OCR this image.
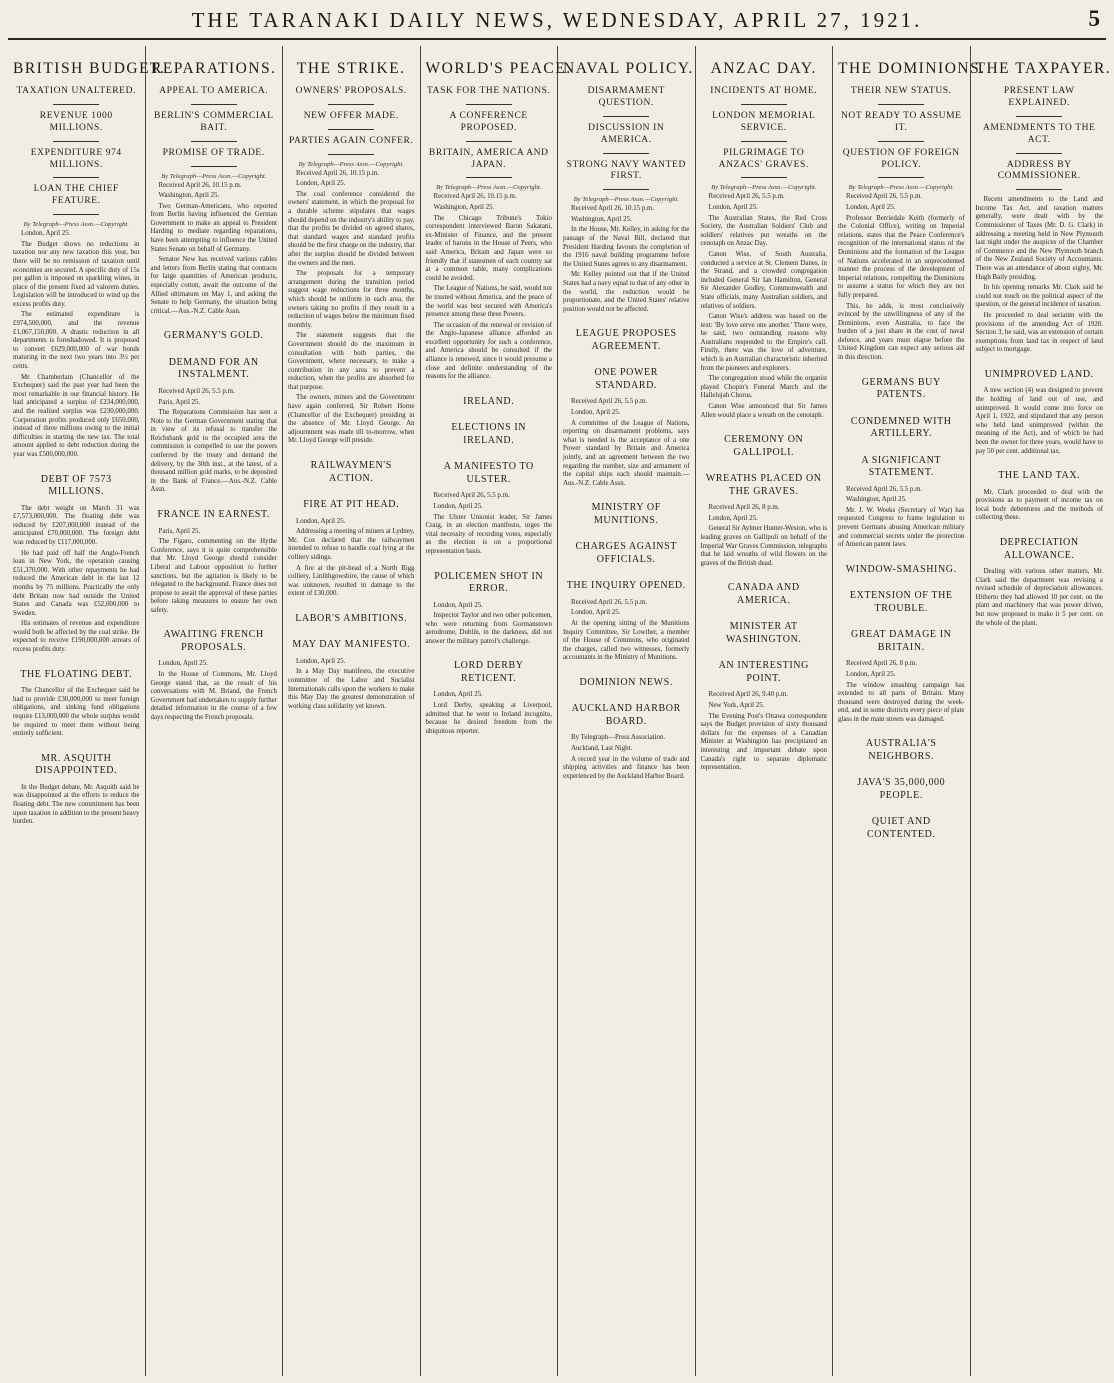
THE TARANAKI DAILY NEWS, WEDNESDAY, APRIL 27, 1921.	5
BRITISH BUDGET.
TAXATION UNALTERED.
REVENUE 1000 MILLIONS.
EXPENDITURE 974 MILLIONS.
LOAN THE CHIEF FEATURE.
By Telegraph—Press Assn.—Copyright.

London, April 25.

The Budget shows no reductions in taxation nor any new taxation this year, but there will be no remission of taxation until economies are secured. A specific duty of 15s per gallon is imposed on sparkling wines, in place of the present fixed ad valorem duties. Legislation will be introduced to wind up the excess profits duty.

The estimated expenditure is £974,500,000, and the revenue £1,067,150,000. A drastic reduction in all departments is foreshadowed. It is proposed to convert £629,000,000 of war bonds maturing in the next two years into 3½ per cents.

Mr. Chamberlain (Chancellor of the Exchequer) said the past year had been the most remarkable in our financial history. He had anticipated a surplus of £234,000,000, and the realised surplus was £230,000,000. Corporation profits produced only £650,000, instead of three millions owing to the initial difficulties in starting the new tax. The total amount applied to debt reduction during the year was £500,000,000.

DEBT OF 7573 MILLIONS.

The debt weight on March 31 was £7,573,000,000. The floating debt was reduced by £207,000,000 instead of the anticipated £70,000,000. The foreign debt was reduced by £117,000,000.

He had paid off half the Anglo-French loan in New York, the operation causing £51,370,000. With other repayments he had reduced the American debt in the last 12 months by 75 millions. Practically the only debt Britain now had outside the United States and Canada was £52,000,000 to Sweden.

His estimates of revenue and expenditure would both be affected by the coal strike. He expected to receive £190,000,000 arrears of excess profits duty.

THE FLOATING DEBT.

The Chancellor of the Exchequer said he had to provide £30,000,000 to meet foreign obligations, and sinking fund obligations require £13,000,000 the whole surplus would be required to meet them without being entirely sufficient.

MR. ASQUITH DISAPPOINTED.

In the Budget debate, Mr. Asquith said he was disappointed at the efforts to reduce the floating debt. The new commitment has been upon taxation in addition to the present heavy burden.

REPARATIONS.
APPEAL TO AMERICA.
BERLIN'S COMMERCIAL BAIT.
PROMISE OF TRADE.
By Telegraph—Press Assn.—Copyright.

Received April 26, 10.15 p.m.

Washington, April 25.

Two German-Americans, who reported from Berlin having influenced the German Government to make an appeal to President Harding to mediate regarding reparations, have been attempting to influence the United States Senate on behalf of Germany.

Senator New has received various cables and letters from Berlin stating that contracts for large quantities of American products, especially cotton, await the outcome of the Allied ultimatum on May 1, and asking the Senate to help Germany, the situation being critical.—Aus.-N.Z. Cable Assn.

GERMANY'S GOLD.
DEMAND FOR AN INSTALMENT.

Received April 26, 5.5 p.m.

Paris, April 25.

The Reparations Commission has sent a Note to the German Government stating that in view of its refusal to transfer the Reichsbank gold to the occupied area the commission is compelled to use the powers conferred by the treaty and demand the delivery, by the 30th inst., at the latest, of a thousand million gold marks, to be deposited in the Bank of France.—Aus.-N.Z. Cable Assn.

FRANCE IN EARNEST.

Paris, April 25.

The Figaro, commenting on the Hythe Conference, says it is quite comprehensible that Mr. Lloyd George should consider Liberal and Labour opposition to further sanctions, but the agitation is likely to be relegated to the background. France does not propose to await the approval of these parties before taking measures to ensure her own safety.

AWAITING FRENCH PROPOSALS.

London, April 25.

In the House of Commons, Mr. Lloyd George stated that, as the result of his conversations with M. Briand, the French Government had undertaken to supply further detailed information in the course of a few days respecting the French proposals.

THE STRIKE.
OWNERS' PROPOSALS.
NEW OFFER MADE.
PARTIES AGAIN CONFER.
By Telegraph—Press Assn.—Copyright.

Received April 26, 10.15 p.m.

London, April 25.

The coal conference considered the owners' statement, in which the proposal for a durable scheme stipulates that wages should depend on the industry's ability to pay, that the profits be divided on agreed shares, that standard wages and standard profits should be the first charge on the industry, that after the surplus should be divided between the owners and the men.

The proposals for a temporary arrangement during the transition period suggest wage reductions for three months, which should be uniform in each area, the owners taking no profits if they result in a reduction of wages below the minimum fixed monthly.

The statement suggests that the Government should do the maximum in consultation with both parties, the Government, where necessary, to make a contribution in any area to prevent a reduction, when the profits are absorbed for that purpose.

The owners, miners and the Government have again conferred, Sir Robert Horne (Chancellor of the Exchequer) presiding in the absence of Mr. Lloyd George. An adjournment was made till to-morrow, when Mr. Lloyd George will preside.

RAILWAYMEN'S ACTION.
FIRE AT PIT HEAD.

London, April 25.

Addressing a meeting of miners at Lydney, Mr. Cox declared that the railwaymen intended to refuse to handle coal lying at the colliery sidings.

A fire at the pit-head of a North Rigg colliery, Linlithgowshire, the cause of which was unknown, resulted in damage to the extent of £30,000.

LABOR'S AMBITIONS.
MAY DAY MANIFESTO.

London, April 25.

In a May Day manifesto, the executive committee of the Labor and Socialist Internationals calls upon the workers to make this May Day the greatest demonstration of working class solidarity yet known.

WORLD'S PEACE.
TASK FOR THE NATIONS.
A CONFERENCE PROPOSED.
BRITAIN, AMERICA AND JAPAN.
By Telegraph—Press Assn.—Copyright.

Received April 26, 10.15 p.m.

Washington, April 25.

The Chicago Tribune's Tokio correspondent interviewed Baron Sakatani, ex-Minister of Finance, and the present leader of barons in the House of Peers, who said America, Britain and Japan were so friendly that if statesmen of each country sat at a common table, many complications could be avoided.

The League of Nations, he said, would not be trusted without America, and the peace of the world was best secured with America's presence among these three Powers.

The occasion of the renewal or revision of the Anglo-Japanese alliance afforded an excellent opportunity for such a conference, and America should be consulted if the alliance is renewed, since it would presume a close and definite understanding of the reasons for the alliance.

IRELAND.
ELECTIONS IN IRELAND.
A MANIFESTO TO ULSTER.

Received April 26, 5.5 p.m.

London, April 25.

The Ulster Unionist leader, Sir James Craig, in an election manifesto, urges the vital necessity of recording votes, especially as the election is on a proportional representation basis.

POLICEMEN SHOT IN ERROR.

London, April 25.

Inspector Taylor and two other policemen, who were returning from Gormanstown aerodrome, Dublin, in the darkness, did not answer the military patrol's challenge.

LORD DERBY RETICENT.

London, April 25.

Lord Derby, speaking at Liverpool, admitted that he went to Ireland incognito, because he desired freedom from the ubiquitous reporter.

NAVAL POLICY.
DISARMAMENT QUESTION.
DISCUSSION IN AMERICA.
STRONG NAVY WANTED FIRST.
By Telegraph—Press Assn.—Copyright.

Received April 26, 10.15 p.m.

Washington, April 25.

In the House, Mr. Kelley, in asking for the passage of the Naval Bill, declared that President Harding favours the completion of the 1916 naval building programme before the United States agrees to any disarmament.

Mr. Kelley pointed out that if the United States had a navy equal to that of any other in the world, the reduction would be proportionate, and the United States' relative position would not be affected.

LEAGUE PROPOSES AGREEMENT.
ONE POWER STANDARD.

Received April 26, 5.5 p.m.

London, April 25.

A committee of the League of Nations, reporting on disarmament problems, says what is needed is the acceptance of a one Power standard by Britain and America jointly, and an agreement between the two regarding the number, size and armament of the capital ships each should maintain.—Aus.-N.Z. Cable Assn.

MINISTRY OF MUNITIONS.
CHARGES AGAINST OFFICIALS.
THE INQUIRY OPENED.

Received April 26, 5.5 p.m.

London, April 25.

At the opening sitting of the Munitions Inquiry Committee, Sir Lowther, a member of the House of Commons, who originated the charges, called two witnesses, formerly accountants in the Ministry of Munitions.

DOMINION NEWS.
AUCKLAND HARBOR BOARD.

By Telegraph—Press Association.

Auckland, Last Night.

A record year in the volume of trade and shipping activities and finance has been experienced by the Auckland Harbor Board.

ANZAC DAY.
INCIDENTS AT HOME.
LONDON MEMORIAL SERVICE.
PILGRIMAGE TO ANZACS' GRAVES.
By Telegraph—Press Assn.—Copyright.

Received April 26, 5.5 p.m.

London, April 25.

The Australian States, the Red Cross Society, the Australian Soldiers' Club and soldiers' relatives put wreaths on the cenotaph on Anzac Day.

Canon Wise, of South Australia, conducted a service at St. Clement Danes, in the Strand, and a crowded congregation included General Sir Ian Hamilton, General Sir Alexander Godley, Commonwealth and State officials, many Australian soldiers, and relatives of soldiers.

Canon Wise's address was based on the text: 'By love serve one another.' There were, he said, two outstanding reasons why Australians responded to the Empire's call. Firstly, there was the love of adventure, which is an Australian characteristic inherited from the pioneers and explorers.

The congregation stood while the organist played Chopin's Funeral March and the Hallelujah Chorus.

Canon Wise announced that Sir James Allen would place a wreath on the cenotaph.

CEREMONY ON GALLIPOLI.
WREATHS PLACED ON THE GRAVES.

Received April 26, 8 p.m.

London, April 25.

General Sir Aylmer Hunter-Weston, who is leading graves on Gallipoli on behalf of the Imperial War Graves Commission, telegraphs that he laid wreaths of wild flowers on the graves of the British dead.

CANADA AND AMERICA.
MINISTER AT WASHINGTON.
AN INTERESTING POINT.

Received April 26, 9.40 p.m.

New York, April 25.

The Evening Post's Ottawa correspondent says the Budget provision of sixty thousand dollars for the expenses of a Canadian Minister at Washington has precipitated an interesting and important debate upon Canada's right to separate diplomatic representation.

THE DOMINIONS.
THEIR NEW STATUS.
NOT READY TO ASSUME IT.
QUESTION OF FOREIGN POLICY.
By Telegraph—Press Assn.—Copyright.

Received April 26, 5.5 p.m.

London, April 25.

Professor Berriedale Keith (formerly of the Colonial Office), writing on Imperial relations, states that the Peace Conference's recognition of the international status of the Dominions and the formation of the League of Nations accelerated in an unprecedented manner the process of the development of Imperial relations, compelling the Dominions to assume a status for which they are not fully prepared.

This, he adds, is most conclusively evinced by the unwillingness of any of the Dominions, even Australia, to face the burden of a just share in the cost of naval defence, and years must elapse before the United Kingdom can expect any serious aid in this direction.

GERMANS BUY PATENTS.
CONDEMNED WITH ARTILLERY.
A SIGNIFICANT STATEMENT.

Received April 26, 5.5 p.m.

Washington, April 25.

Mr. J. W. Weeks (Secretary of War) has requested Congress to frame legislation to prevent Germans abusing American military and commercial secrets under the protection of American patent laws.

WINDOW-SMASHING.
EXTENSION OF THE TROUBLE.
GREAT DAMAGE IN BRITAIN.

Received April 26, 8 p.m.

London, April 25.

The window smashing campaign has extended to all parts of Britain. Many thousand were destroyed during the week-end, and in some districts every piece of plate glass in the main streets was damaged.

AUSTRALIA'S NEIGHBORS.
JAVA'S 35,000,000 PEOPLE.
QUIET AND CONTENTED.
THE TAXPAYER.
PRESENT LAW EXPLAINED.
AMENDMENTS TO THE ACT.
ADDRESS BY COMMISSIONER.

Recent amendments to the Land and Income Tax Act, and taxation matters generally, were dealt with by the Commissioner of Taxes (Mr. D. G. Clark) in addressing a meeting held in New Plymouth last night under the auspices of the Chamber of Commerce and the New Plymouth branch of the New Zealand Society of Accountants. There was an attendance of about eighty, Mr. Hugh Baily presiding.

In his opening remarks Mr. Clark said he could not touch on the political aspect of the question, or the general incidence of taxation.

He proceeded to deal seriatim with the provisions of the amending Act of 1920. Section 3, he said, was an extension of certain exemptions from land tax in respect of land subject to mortgage.

UNIMPROVED LAND.

A new section (4) was designed to prevent the holding of land out of use, and unimproved. It would come into force on April 1, 1922, and stipulated that any person who held land unimproved (within the meaning of the Act), and of which he had been the owner for three years, would have to pay 50 per cent. additional tax.

THE LAND TAX.

Mr. Clark proceeded to deal with the provisions as to payment of income tax on local body debentures and the methods of collecting these.

DEPRECIATION ALLOWANCE.

Dealing with various other matters, Mr. Clark said the department was revising a revised schedule of depreciation allowances. Hitherto they had allowed 10 per cent. on the plant and machinery that was power driven, but now proposed to make it 5 per cent. on the whole of the plant.
